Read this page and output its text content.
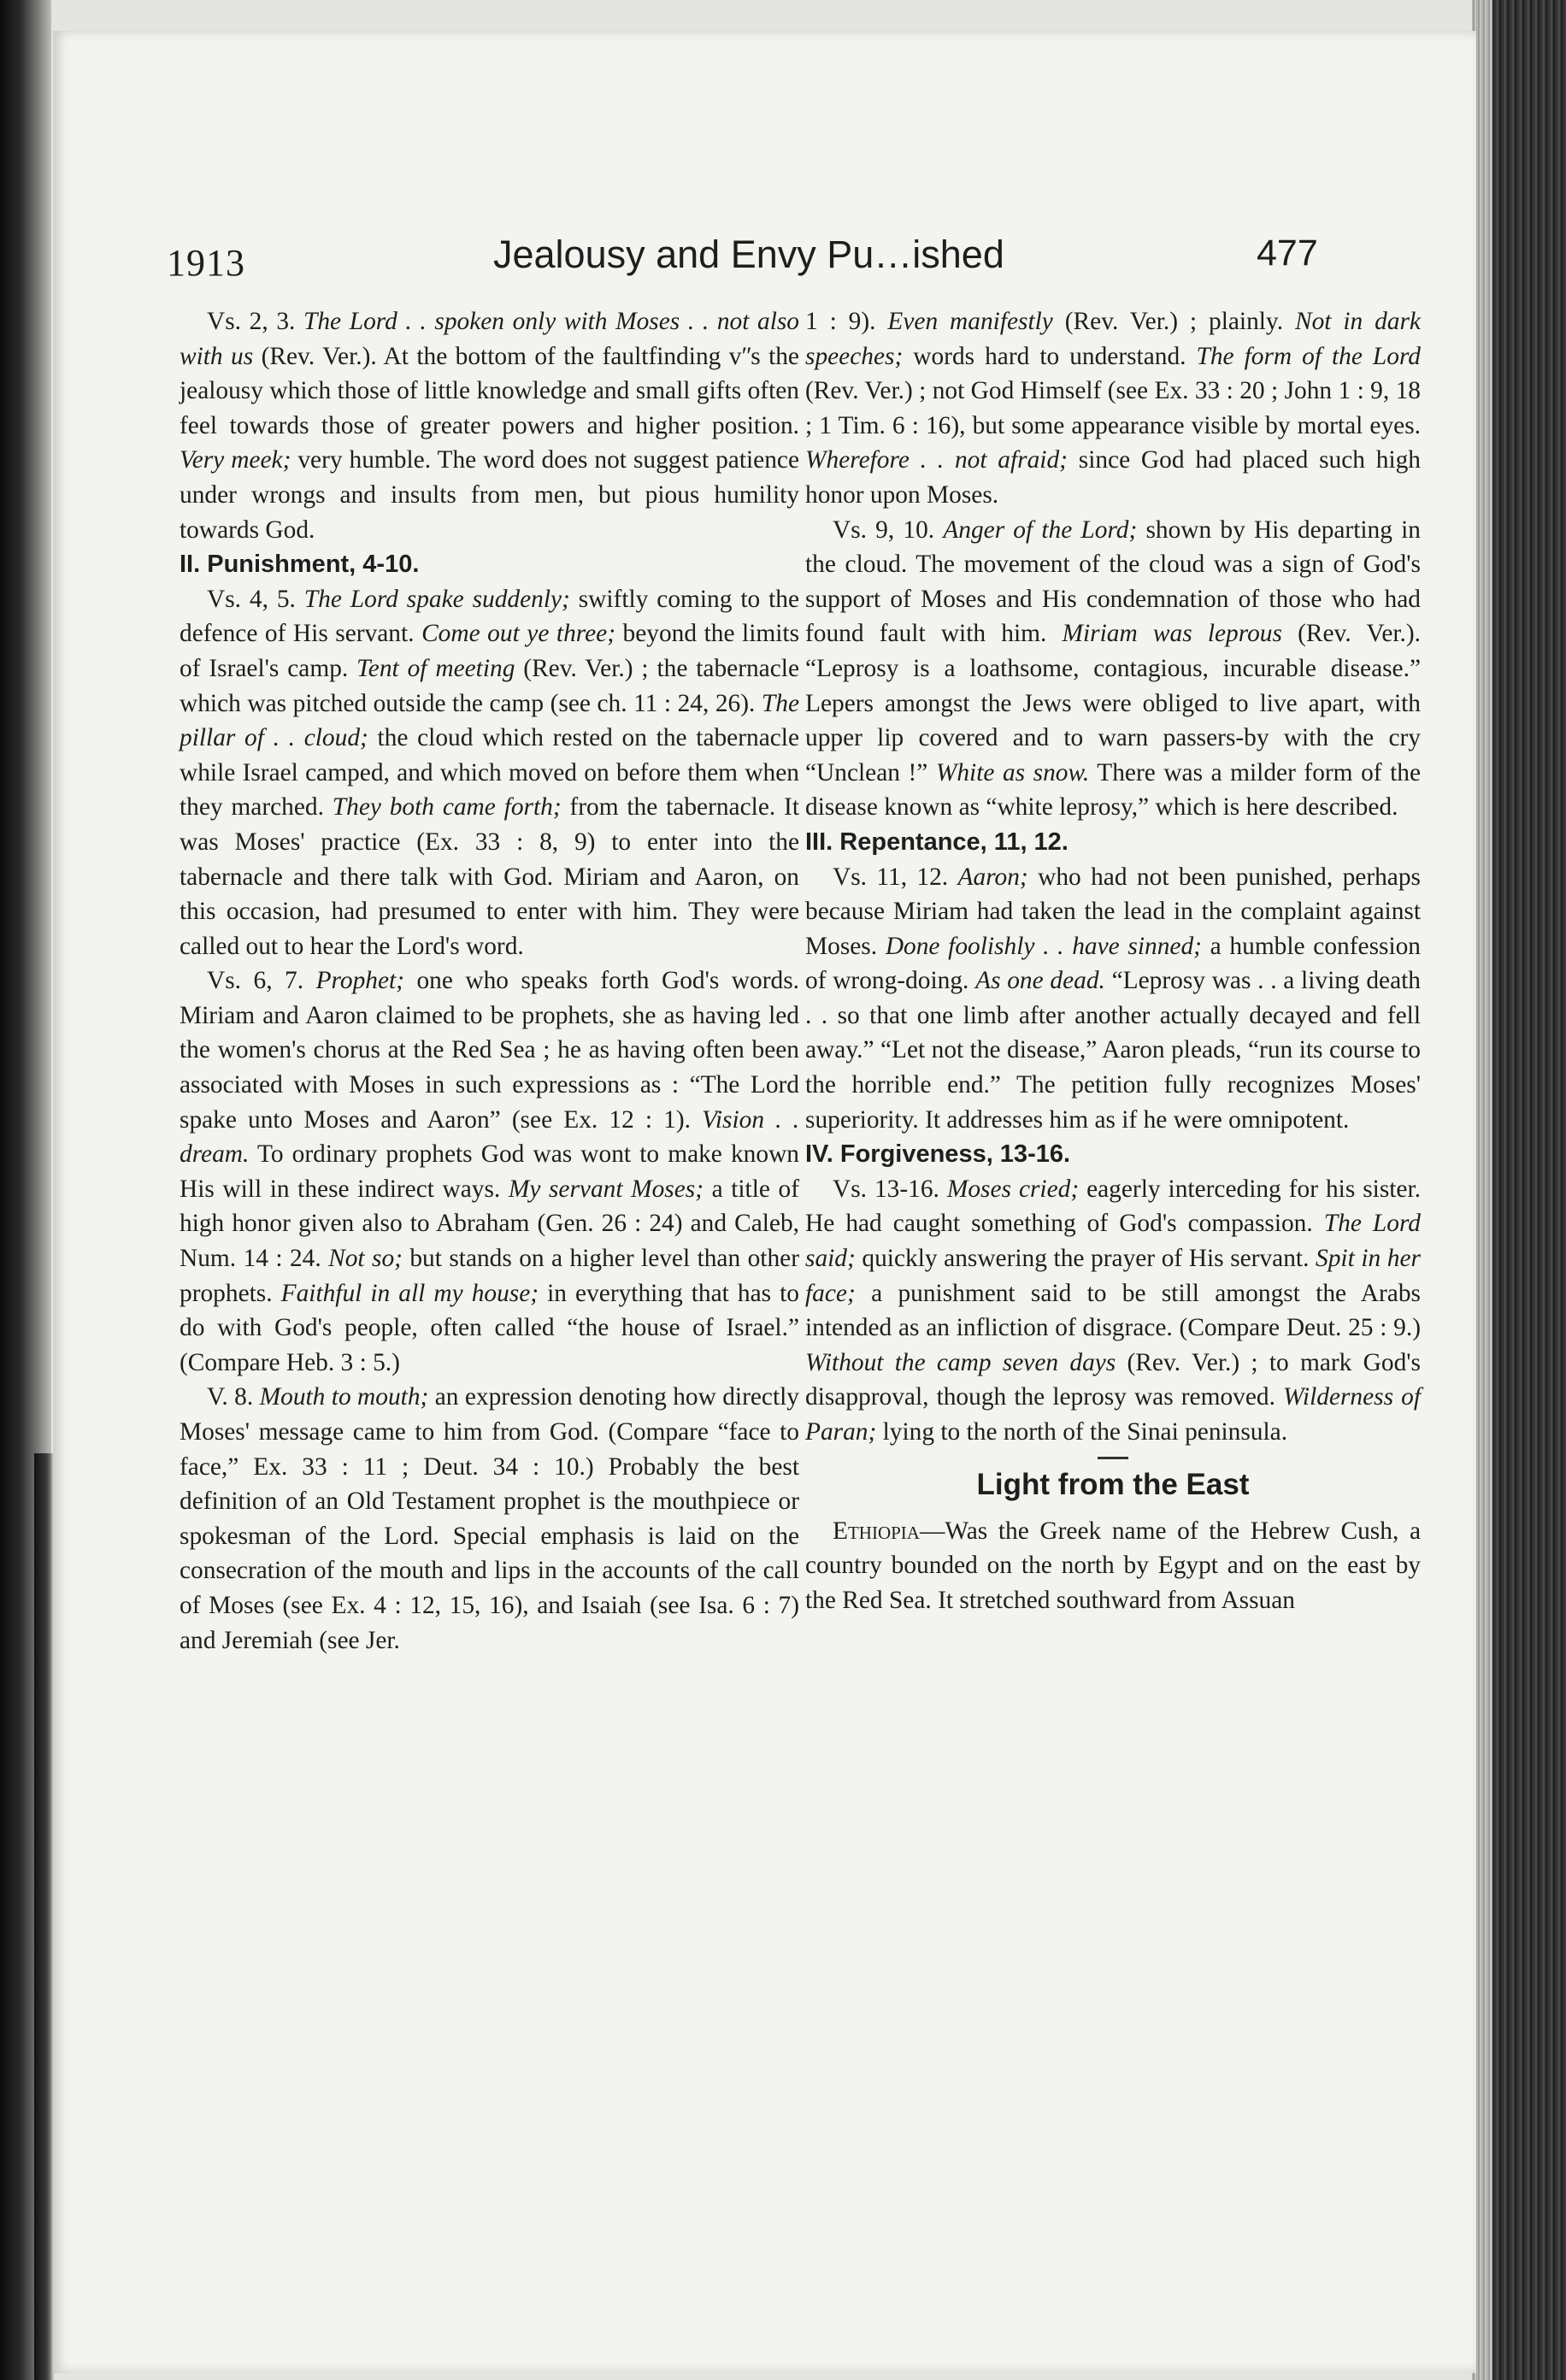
1913	Jealousy and Envy Pu…ished	477

Vs. 2, 3. The Lord . . spoken only with Moses . . not also with us (Rev. Ver.). At the bottom of the faultfinding vʺs the jealousy which those of little knowledge and small gifts often feel towards those of greater powers and higher position. Very meek; very humble. The word does not suggest patience under wrongs and insults from men, but pious humility towards God.

II. Punishment, 4-10.

Vs. 4, 5. The Lord spake suddenly; swiftly coming to the defence of His servant. Come out ye three; beyond the limits of Israel's camp. Tent of meeting (Rev. Ver.) ; the tabernacle which was pitched outside the camp (see ch. 11 : 24, 26). The pillar of . . cloud; the cloud which rested on the tabernacle while Israel camped, and which moved on before them when they marched. They both came forth; from the tabernacle. It was Moses' practice (Ex. 33 : 8, 9) to enter into the tabernacle and there talk with God. Miriam and Aaron, on this occasion, had presumed to enter with him. They were called out to hear the Lord's word.

Vs. 6, 7. Prophet; one who speaks forth God's words. Miriam and Aaron claimed to be prophets, she as having led the women's chorus at the Red Sea ; he as having often been associated with Moses in such expressions as : “The Lord spake unto Moses and Aaron” (see Ex. 12 : 1). Vision . . dream. To ordinary prophets God was wont to make known His will in these indirect ways. My servant Moses; a title of high honor given also to Abraham (Gen. 26 : 24) and Caleb, Num. 14 : 24. Not so; but stands on a higher level than other prophets. Faithful in all my house; in everything that has to do with God's people, often called “the house of Israel.” (Compare Heb. 3 : 5.)

V. 8. Mouth to mouth; an expression denoting how directly Moses' message came to him from God. (Compare “face to face,” Ex. 33 : 11 ; Deut. 34 : 10.) Probably the best definition of an Old Testament prophet is the mouthpiece or spokesman of the Lord. Special emphasis is laid on the consecration of the mouth and lips in the accounts of the call of Moses (see Ex. 4 : 12, 15, 16), and Isaiah (see Isa. 6 : 7) and Jeremiah (see Jer.

1 : 9). Even manifestly (Rev. Ver.) ; plainly. Not in dark speeches; words hard to understand. The form of the Lord (Rev. Ver.) ; not God Himself (see Ex. 33 : 20 ; John 1 : 9, 18 ; 1 Tim. 6 : 16), but some appearance visible by mortal eyes. Wherefore . . not afraid; since God had placed such high honor upon Moses.

Vs. 9, 10. Anger of the Lord; shown by His departing in the cloud. The movement of the cloud was a sign of God's support of Moses and His condemnation of those who had found fault with him. Miriam was leprous (Rev. Ver.). “Leprosy is a loathsome, contagious, incurable disease.” Lepers amongst the Jews were obliged to live apart, with upper lip covered and to warn passers-by with the cry “Unclean !” White as snow. There was a milder form of the disease known as “white leprosy,” which is here described.

III. Repentance, 11, 12.

Vs. 11, 12. Aaron; who had not been punished, perhaps because Miriam had taken the lead in the complaint against Moses. Done foolishly . . have sinned; a humble confession of wrong-doing. As one dead. “Leprosy was . . a living death . . so that one limb after another actually decayed and fell away.” “Let not the disease,” Aaron pleads, “run its course to the horrible end.” The petition fully recognizes Moses' superiority. It addresses him as if he were omnipotent.

IV. Forgiveness, 13-16.

Vs. 13-16. Moses cried; eagerly interceding for his sister. He had caught something of God's compassion. The Lord said; quickly answering the prayer of His servant. Spit in her face; a punishment said to be still amongst the Arabs intended as an infliction of disgrace. (Compare Deut. 25 : 9.) Without the camp seven days (Rev. Ver.) ; to mark God's disapproval, though the leprosy was removed. Wilderness of Paran; lying to the north of the Sinai peninsula.

Light from the East

Ethiopia—Was the Greek name of the Hebrew Cush, a country bounded on the north by Egypt and on the east by the Red Sea. It stretched southward from Assuan
